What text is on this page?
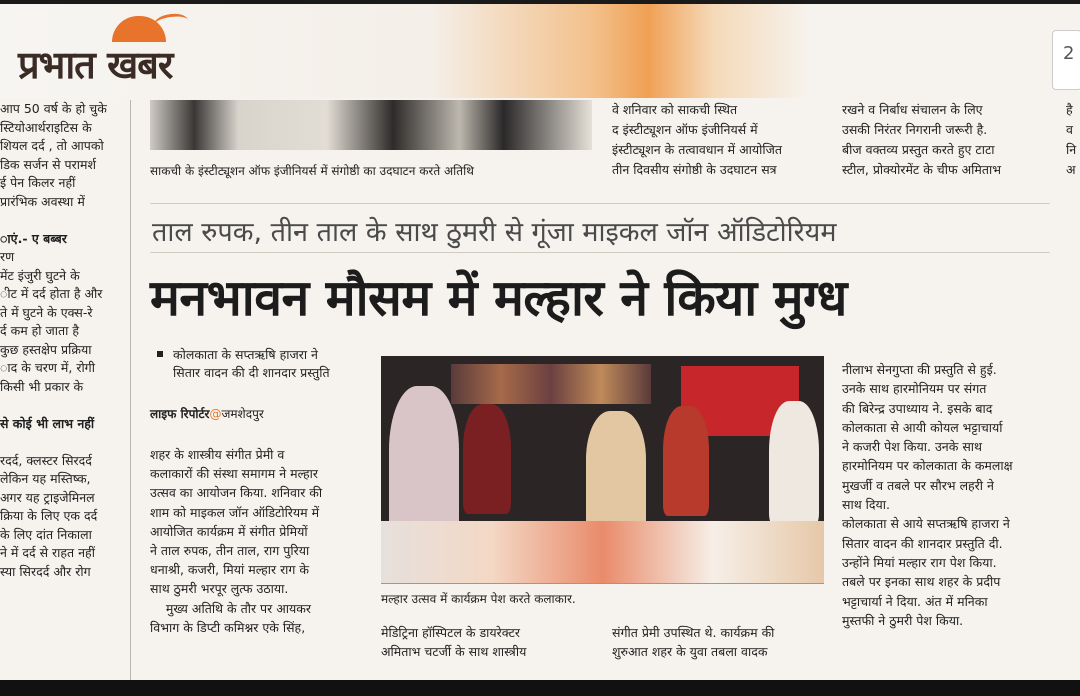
प्रभात खबर	2
आप 50 वर्ष के हो चुके
स्टियोआर्थराइटिस के
शियल दर्द , तो आपको
डिक सर्जन से परामर्श
ई पेन किलर नहीं
प्रारंभिक अवस्था में
ाएं.- ए बब्बर
रण
मेंट इंजुरी घुटने के
ीट में दर्द होता है और
ते में घुटने के एक्स-रे
र्द कम हो जाता है
कुछ हस्तक्षेप प्रक्रिया
ाद के चरण में, रोगी
किसी भी प्रकार के
से कोई भी लाभ नहीं
रदर्द, क्लस्टर सिरदर्द
लेकिन यह मस्तिष्क,
अगर यह ट्राइजेमिनल
क्रिया के लिए एक दर्द
के लिए दांत निकाला
ने में दर्द से राहत नहीं
स्या सिरदर्द और रोग
साकची के इंस्टीट्यूशन ऑफ इंजीनियर्स में संगोष्ठी का उदघाटन करते अतिथि
वे शनिवार को साकची स्थित
द इंस्टीट्यूशन ऑफ इंजीनियर्स में
इंस्टीट्यूशन के तत्वावधान में आयोजित
तीन दिवसीय संगोष्ठी के उदघाटन सत्र
रखने व निर्बाध संचालन के लिए
उसकी निरंतर निगरानी जरूरी है.
बीज वक्तव्य प्रस्तुत करते हुए टाटा
स्टील, प्रोक्योरमेंट के चीफ अमिताभ
है
व
नि
अ
ताल रुपक, तीन ताल के साथ ठुमरी से गूंजा माइकल जॉन ऑडिटोरियम
मनभावन मौसम में मल्हार ने किया मुग्ध
कोलकाता के सप्तऋषि हाजरा ने
सितार वादन की दी शानदार प्रस्तुति
लाइफ रिपोर्टर@जमशेदपुर
शहर के शास्त्रीय संगीत प्रेमी व
कलाकारों की संस्था समागम ने मल्हार
उत्सव का आयोजन किया. शनिवार की
शाम को माइकल जॉन ऑडिटोरियम में
आयोजित कार्यक्रम में संगीत प्रेमियों
ने ताल रुपक, तीन ताल, राग पुरिया
धनाश्री, कजरी, मियां मल्हार राग के
साथ ठुमरी भरपूर लुत्फ उठाया.
मुख्य अतिथि के तौर पर आयकर
विभाग के डिप्टी कमिश्नर एके सिंह,
मल्हार उत्सव में कार्यक्रम पेश करते कलाकार.
मेडिट्रिना हॉस्पिटल के डायरेक्टर
अमिताभ चटर्जी के साथ शास्त्रीय
संगीत प्रेमी उपस्थित थे. कार्यक्रम की
शुरुआत शहर के युवा तबला वादक
नीलाभ सेनगुप्ता की प्रस्तुति से हुई.
उनके साथ हारमोनियम पर संगत
की बिरेन्द्र उपाध्याय ने. इसके बाद
कोलकाता से आयी कोयल भट्टाचार्या
ने कजरी पेश किया. उनके साथ
हारमोनियम पर कोलकाता के कमलाक्ष
मुखर्जी व तबले पर सौरभ लहरी ने
साथ दिया.
कोलकाता से आये सप्तऋषि हाजरा ने
सितार वादन की शानदार प्रस्तुति दी.
उन्होंने मियां मल्हार राग पेश किया.
तबले पर इनका साथ शहर के प्रदीप
भट्टाचार्या ने दिया. अंत में मनिका
मुस्तफी ने ठुमरी पेश किया.
